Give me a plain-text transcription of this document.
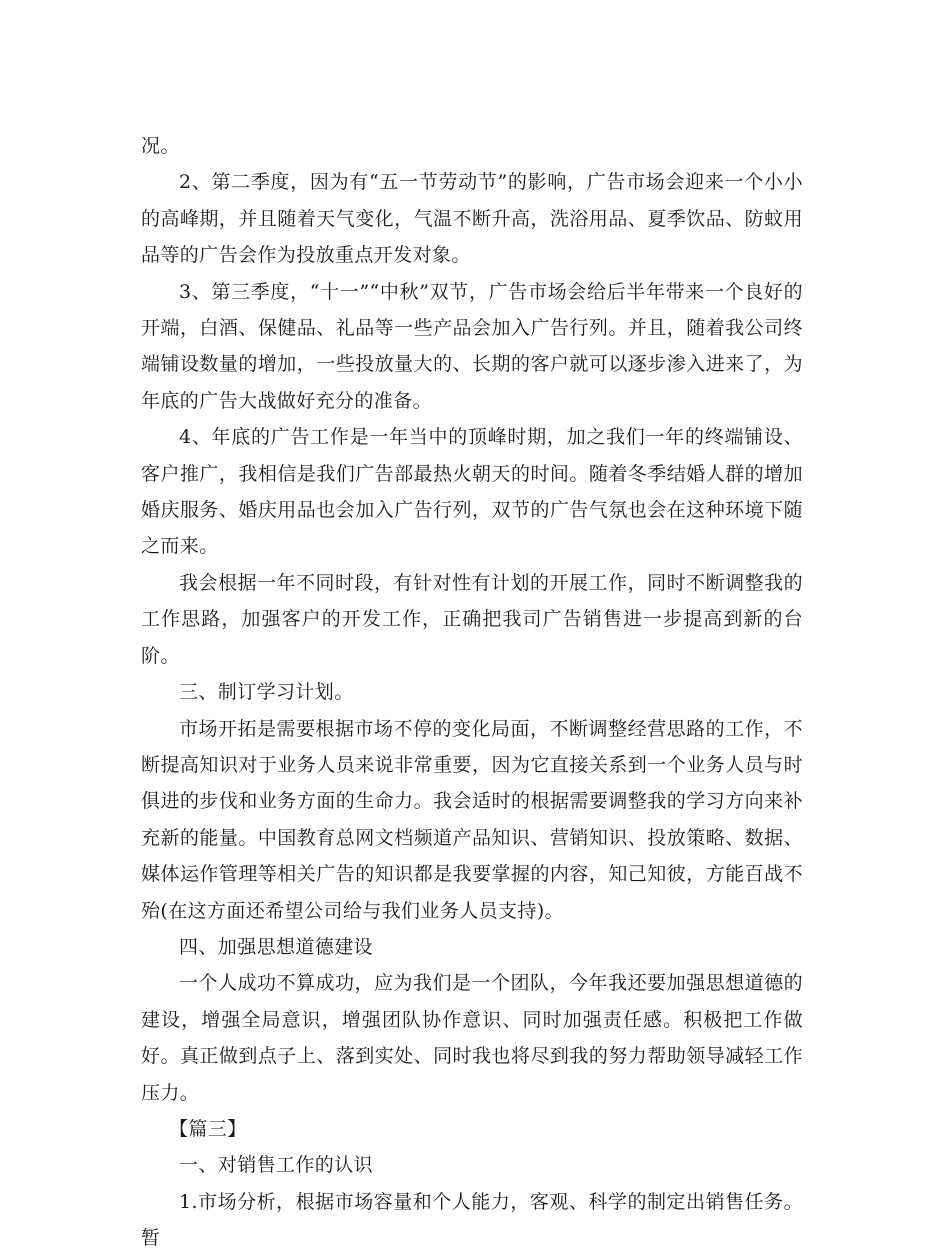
况。

2、第二季度，因为有“五一节劳动节”的影响，广告市场会迎来一个小小的高峰期，并且随着天气变化，气温不断升高，洗浴用品、夏季饮品、防蚊用品等的广告会作为投放重点开发对象。

3、第三季度，“十一”“中秋”双节，广告市场会给后半年带来一个良好的开端，白酒、保健品、礼品等一些产品会加入广告行列。并且，随着我公司终端铺设数量的增加，一些投放量大的、长期的客户就可以逐步渗入进来了，为年底的广告大战做好充分的准备。

4、年底的广告工作是一年当中的顶峰时期，加之我们一年的终端铺设、客户推广，我相信是我们广告部最热火朝天的时间。随着冬季结婚人群的增加婚庆服务、婚庆用品也会加入广告行列，双节的广告气氛也会在这种环境下随之而来。

我会根据一年不同时段，有针对性有计划的开展工作，同时不断调整我的工作思路，加强客户的开发工作，正确把我司广告销售进一步提高到新的台阶。

三、制订学习计划。

市场开拓是需要根据市场不停的变化局面，不断调整经营思路的工作，不断提高知识对于业务人员来说非常重要，因为它直接关系到一个业务人员与时俱进的步伐和业务方面的生命力。我会适时的根据需要调整我的学习方向来补充新的能量。中国教育总网文档频道产品知识、营销知识、投放策略、数据、媒体运作管理等相关广告的知识都是我要掌握的内容，知己知彼，方能百战不殆(在这方面还希望公司给与我们业务人员支持)。

四、加强思想道德建设

一个人成功不算成功，应为我们是一个团队，今年我还要加强思想道德的建设，增强全局意识，增强团队协作意识、同时加强责任感。积极把工作做好。真正做到点子上、落到实处、同时我也将尽到我的努力帮助领导减轻工作压力。

【篇三】

一、对销售工作的认识

1.市场分析，根据市场容量和个人能力，客观、科学的制定出销售任务。暂
